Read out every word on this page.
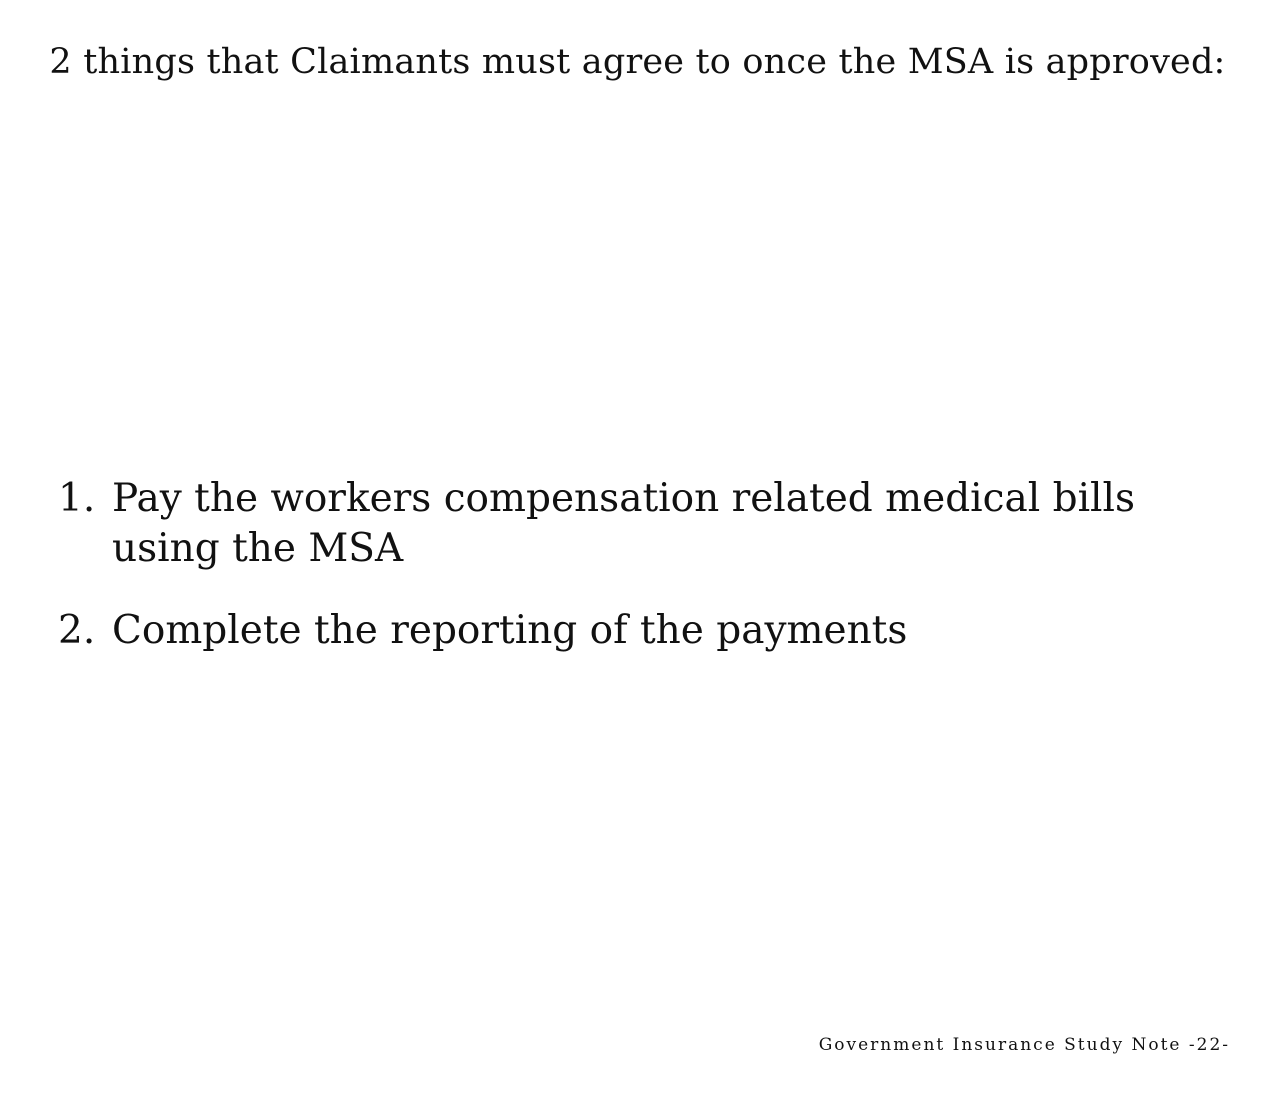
2 things that Claimants must agree to once the MSA is approved:
1. Pay the workers compensation related medical bills using the MSA
2. Complete the reporting of the payments
Government Insurance Study Note -22-
